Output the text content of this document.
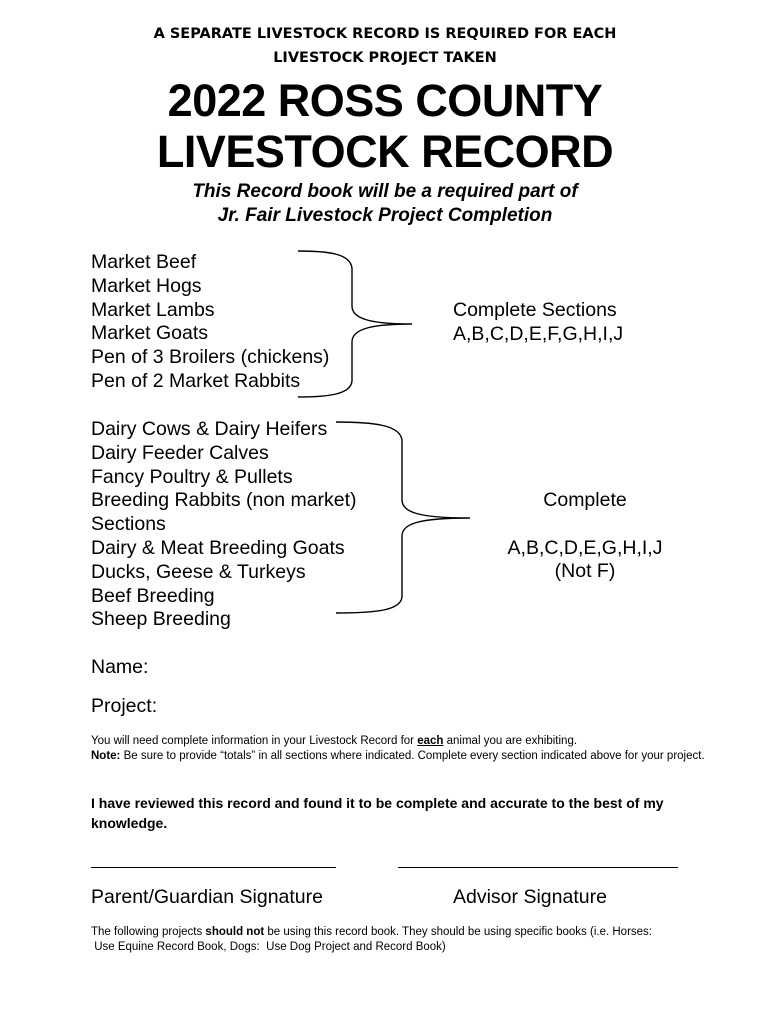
A SEPARATE LIVESTOCK RECORD IS REQUIRED FOR EACH
LIVESTOCK PROJECT TAKEN
2022 ROSS COUNTY
LIVESTOCK RECORD
This Record book will be a required part of
Jr. Fair Livestock Project Completion
Market Beef
Market Hogs
Market Lambs
Market Goats
Pen of 3 Broilers (chickens)
Pen of 2 Market Rabbits
Complete Sections
A,B,C,D,E,F,G,H,I,J
Dairy Cows & Dairy Heifers
Dairy Feeder Calves
Fancy Poultry & Pullets
Breeding Rabbits (non market)
Sections
Dairy & Meat Breeding Goats
Ducks, Geese & Turkeys
Beef Breeding
Sheep Breeding
Complete
A,B,C,D,E,G,H,I,J
(Not F)
Name:
Project:
You will need complete information in your Livestock Record for each animal you are exhibiting.
Note: Be sure to provide “totals” in all sections where indicated. Complete every section indicated above for your project.
I have reviewed this record and found it to be complete and accurate to the best of my knowledge.
Parent/Guardian Signature	Advisor Signature
The following projects should not be using this record book. They should be using specific books (i.e. Horses:
Use Equine Record Book, Dogs:  Use Dog Project and Record Book)
